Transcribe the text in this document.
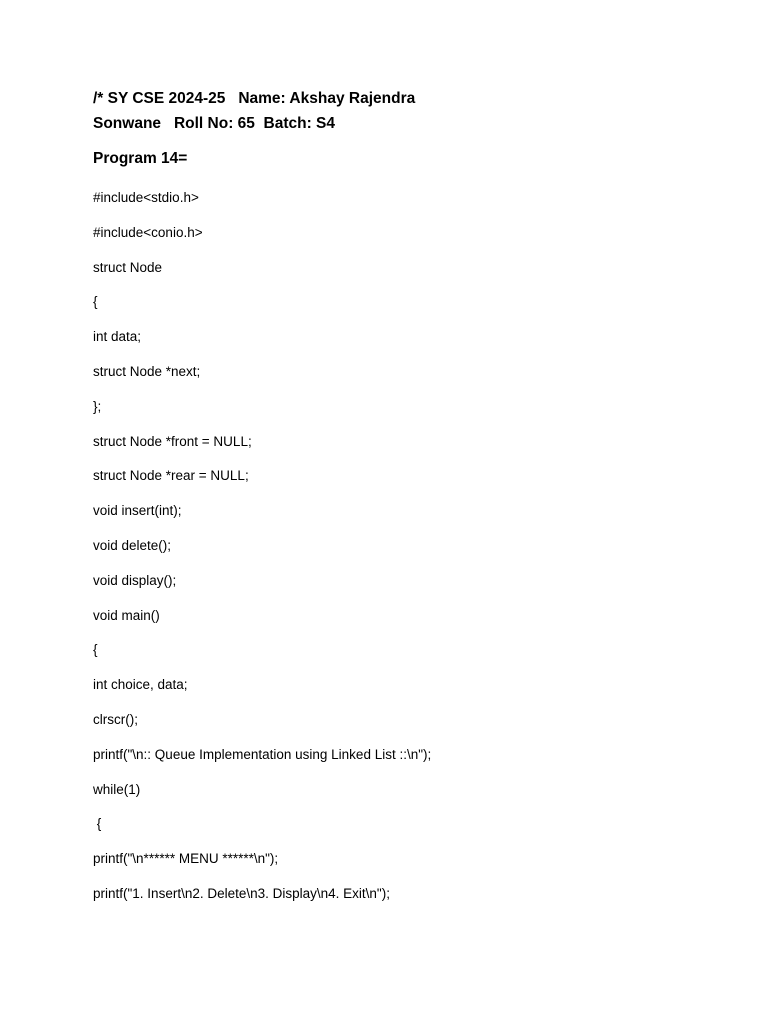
/* SY CSE 2024-25   Name: Akshay Rajendra
Sonwane   Roll No: 65  Batch: S4
Program 14=
#include<stdio.h>
#include<conio.h>
struct Node
{
int data;
struct Node *next;
};
struct Node *front = NULL;
struct Node *rear = NULL;
void insert(int);
void delete();
void display();
void main()
{
int choice, data;
clrscr();
printf("\n:: Queue Implementation using Linked List ::\n");
while(1)
{
printf("\n****** MENU ******\n");
printf("1. Insert\n2. Delete\n3. Display\n4. Exit\n");
